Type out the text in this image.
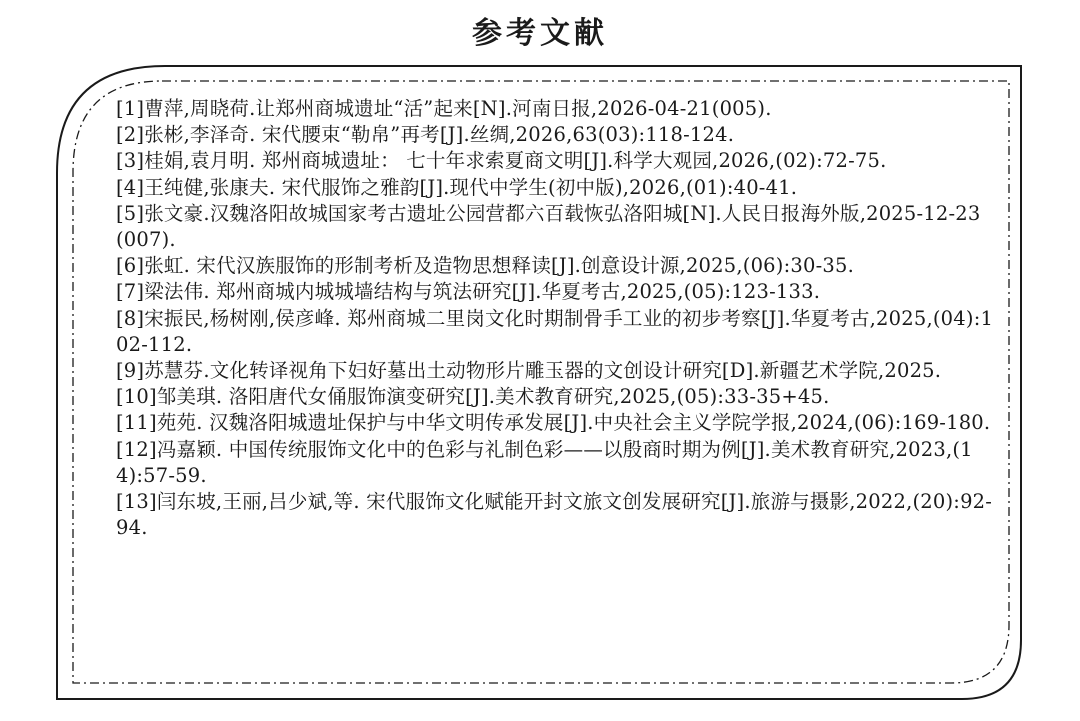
参考文献
[1]曹萍,周晓荷.让郑州商城遗址“活”起来[N].河南日报,2026-04-21(005).
[2]张彬,李泽奇. 宋代腰束“勒帛”再考[J].丝绸,2026,63(03):118-124.
[3]桂娟,袁月明. 郑州商城遗址： 七十年求索夏商文明[J].科学大观园,2026,(02):72-75.
[4]王纯健,张康夫. 宋代服饰之雅韵[J].现代中学生(初中版),2026,(01):40-41.
[5]张文豪.汉魏洛阳故城国家考古遗址公园营都六百载恢弘洛阳城[N].人民日报海外版,2025-12-23(007).
[6]张虹. 宋代汉族服饰的形制考析及造物思想释读[J].创意设计源,2025,(06):30-35.
[7]梁法伟. 郑州商城内城城墙结构与筑法研究[J].华夏考古,2025,(05):123-133.
[8]宋振民,杨树刚,侯彦峰. 郑州商城二里岗文化时期制骨手工业的初步考察[J].华夏考古,2025,(04):102-112.
[9]苏慧芬.文化转译视角下妇好墓出土动物形片雕玉器的文创设计研究[D].新疆艺术学院,2025.
[10]邹美琪. 洛阳唐代女俑服饰演变研究[J].美术教育研究,2025,(05):33-35+45.
[11]苑苑. 汉魏洛阳城遗址保护与中华文明传承发展[J].中央社会主义学院学报,2024,(06):169-180.
[12]冯嘉颖. 中国传统服饰文化中的色彩与礼制色彩——以殷商时期为例[J].美术教育研究,2023,(14):57-59.
[13]闫东坡,王丽,吕少斌,等. 宋代服饰文化赋能开封文旅文创发展研究[J].旅游与摄影,2022,(20):92-94.
